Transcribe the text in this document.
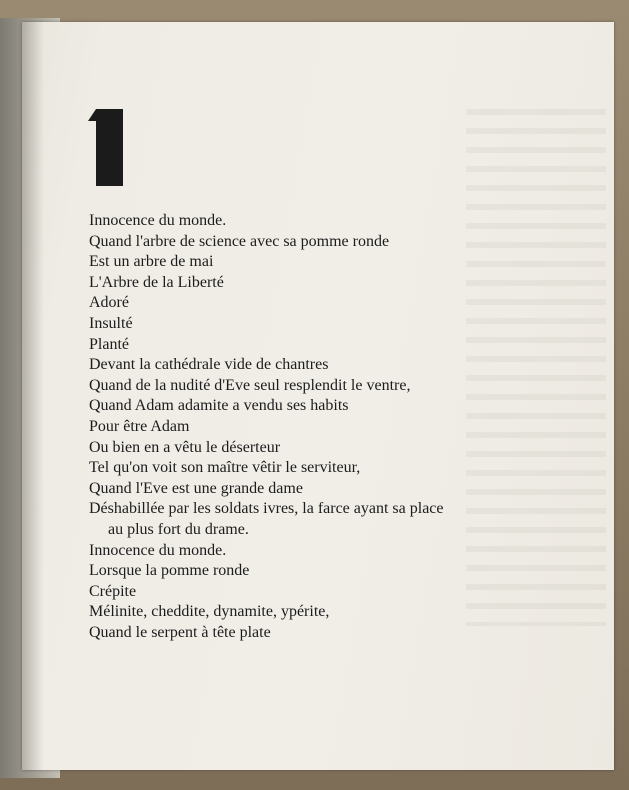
Innocence du monde.
Quand l'arbre de science avec sa pomme ronde
Est un arbre de mai
L'Arbre de la Liberté
Adoré
Insulté
Planté
Devant la cathédrale vide de chantres
Quand de la nudité d'Eve seul resplendit le ventre,
Quand Adam adamite a vendu ses habits
Pour être Adam
Ou bien en a vêtu le déserteur
Tel qu'on voit son maître vêtir le serviteur,
Quand l'Eve est une grande dame
Déshabillée par les soldats ivres, la farce ayant sa place
au plus fort du drame.
Innocence du monde.
Lorsque la pomme ronde
Crépite
Mélinite, cheddite, dynamite, ypérite,
Quand le serpent à tête plate
